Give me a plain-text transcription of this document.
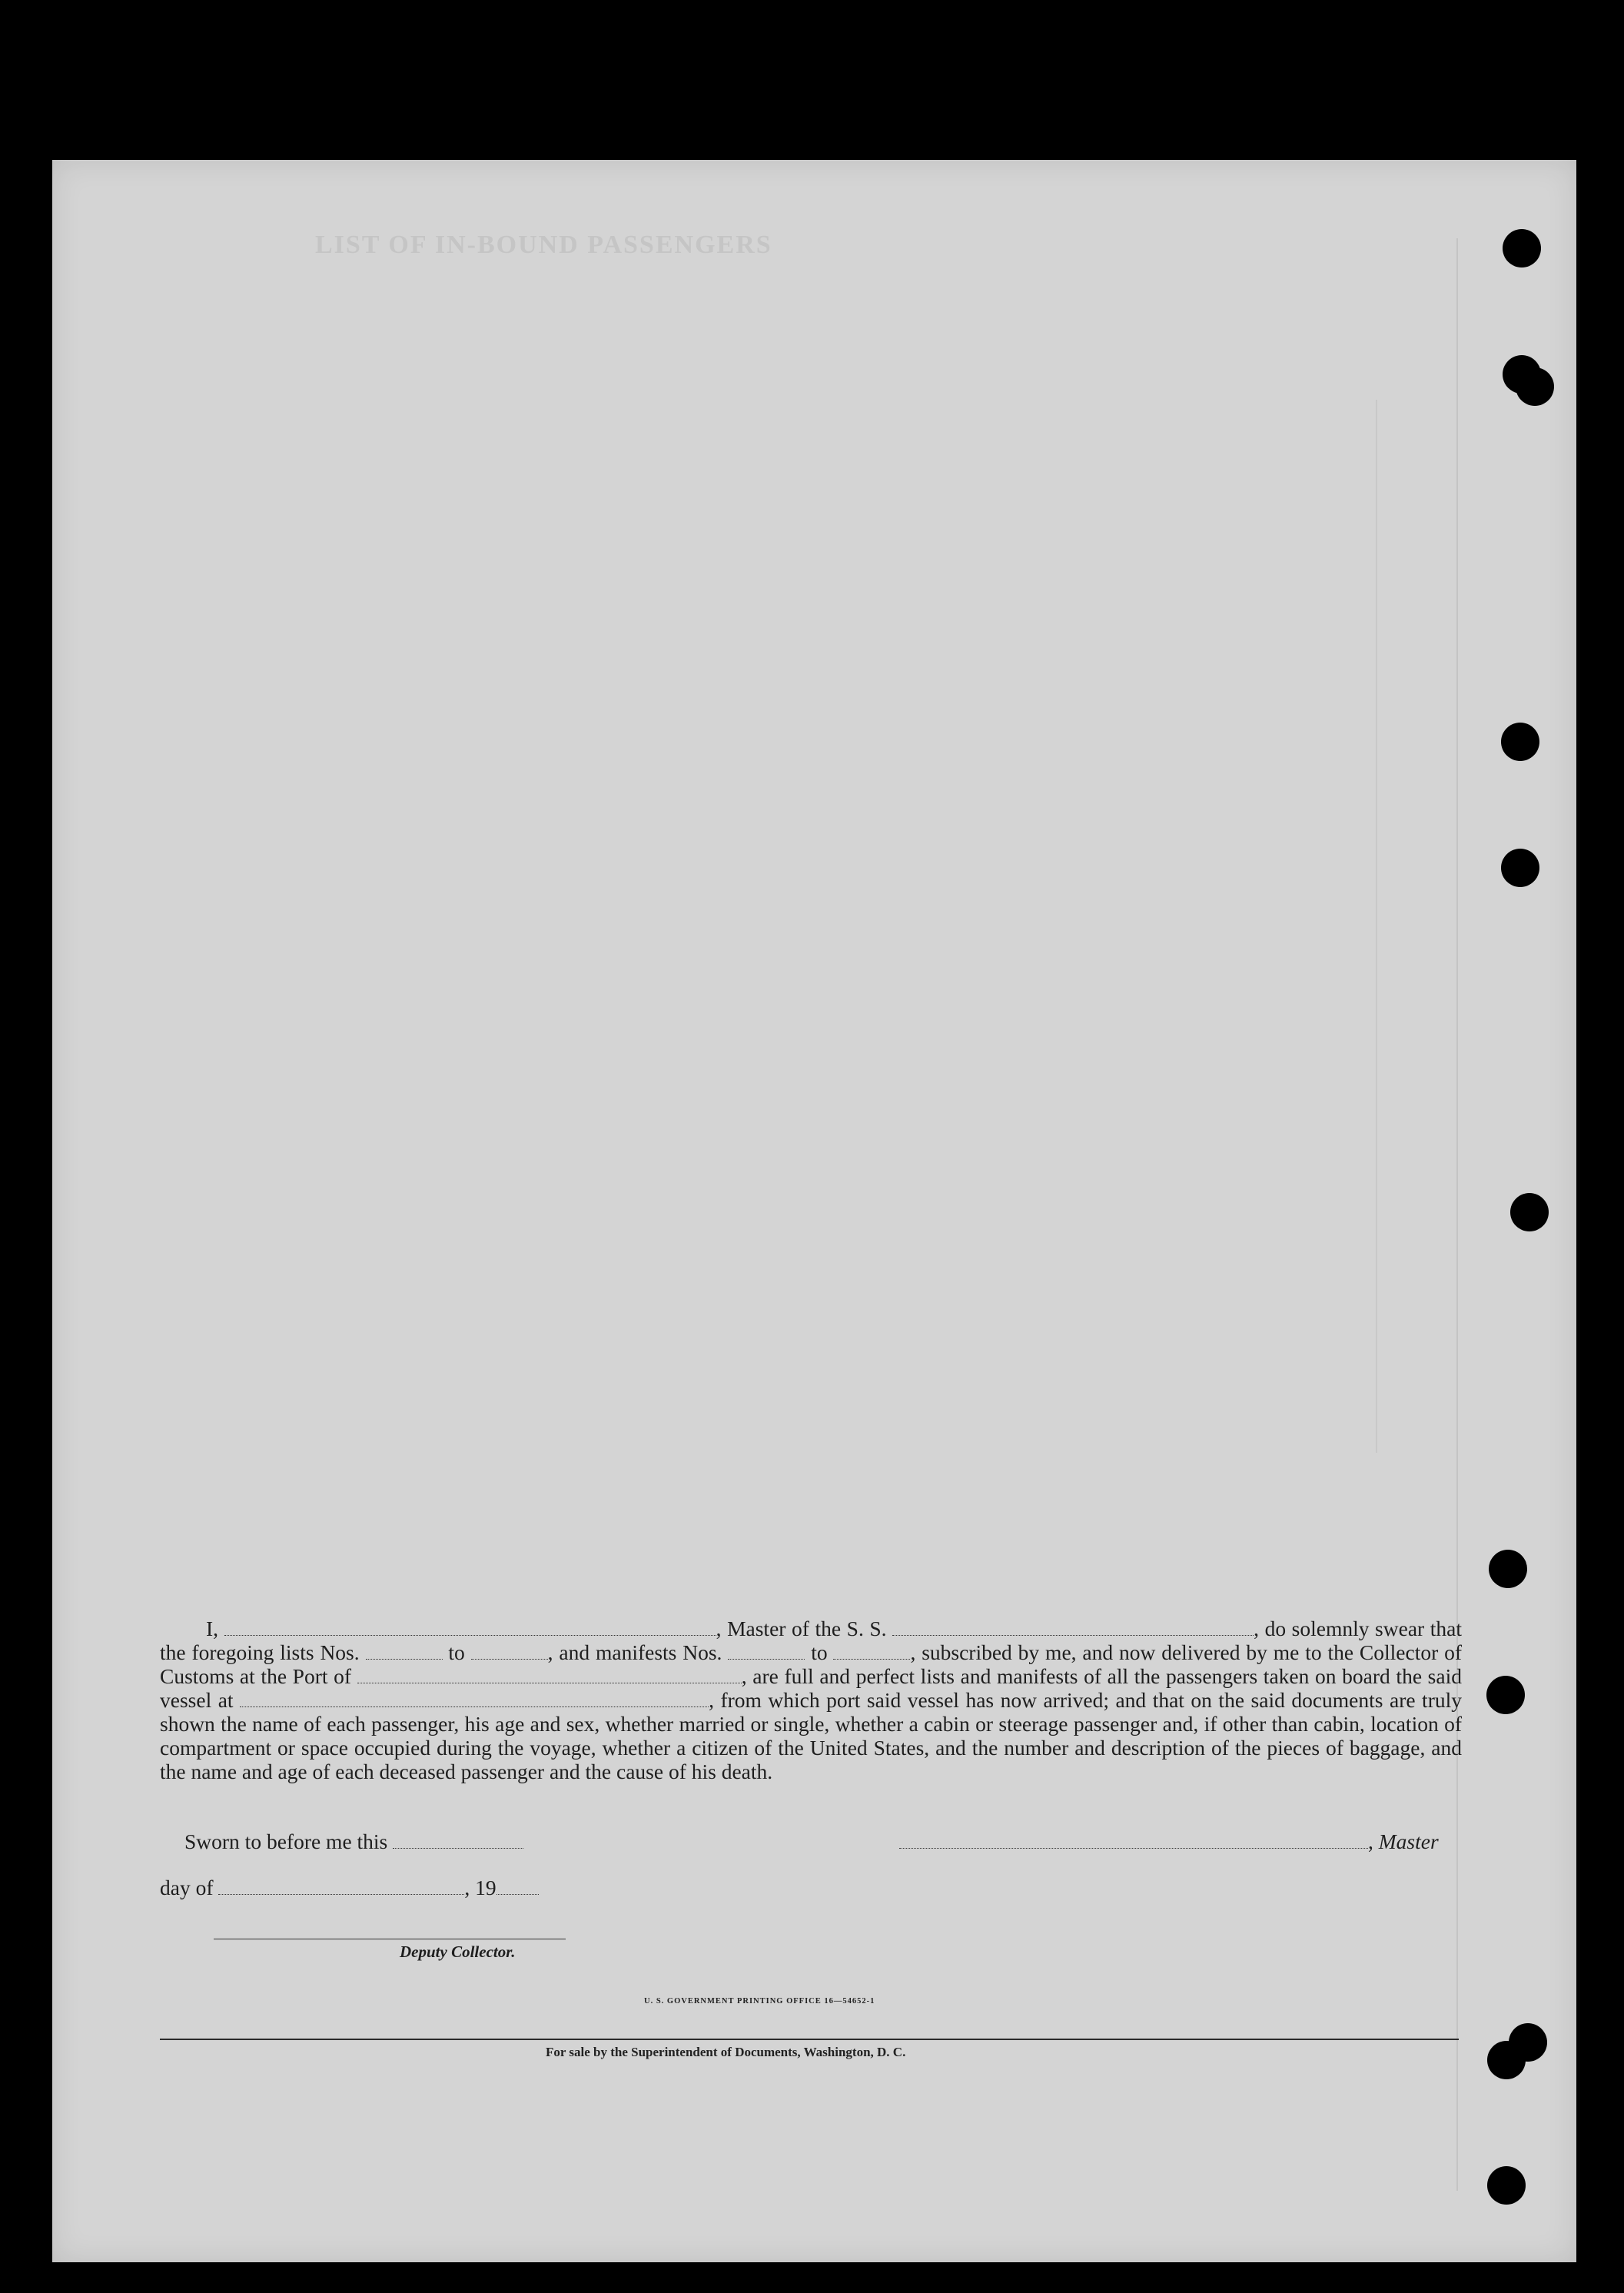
LIST OF IN-BOUND PASSENGERS
I,	, Master of the S. S.	, do solemnly swear that the foregoing lists Nos.	to	, and manifests Nos.	to	, subscribed by me, and now delivered by me to the Collector of Customs at the Port of	, are full and perfect lists and manifests of all the passengers taken on board the said vessel at	, from which port said vessel has now arrived; and that on the said documents are truly shown the name of each passenger, his age and sex, whether married or single, whether a cabin or steerage passenger and, if other than cabin, location of compartment or space occupied during the voyage, whether a citizen of the United States, and the number and description of the pieces of baggage, and the name and age of each deceased passenger and the cause of his death.
Sworn to before me this	, Master
day of	, 19
Deputy Collector.
U. S. GOVERNMENT PRINTING OFFICE 16—54652-1
For sale by the Superintendent of Documents, Washington, D. C.
